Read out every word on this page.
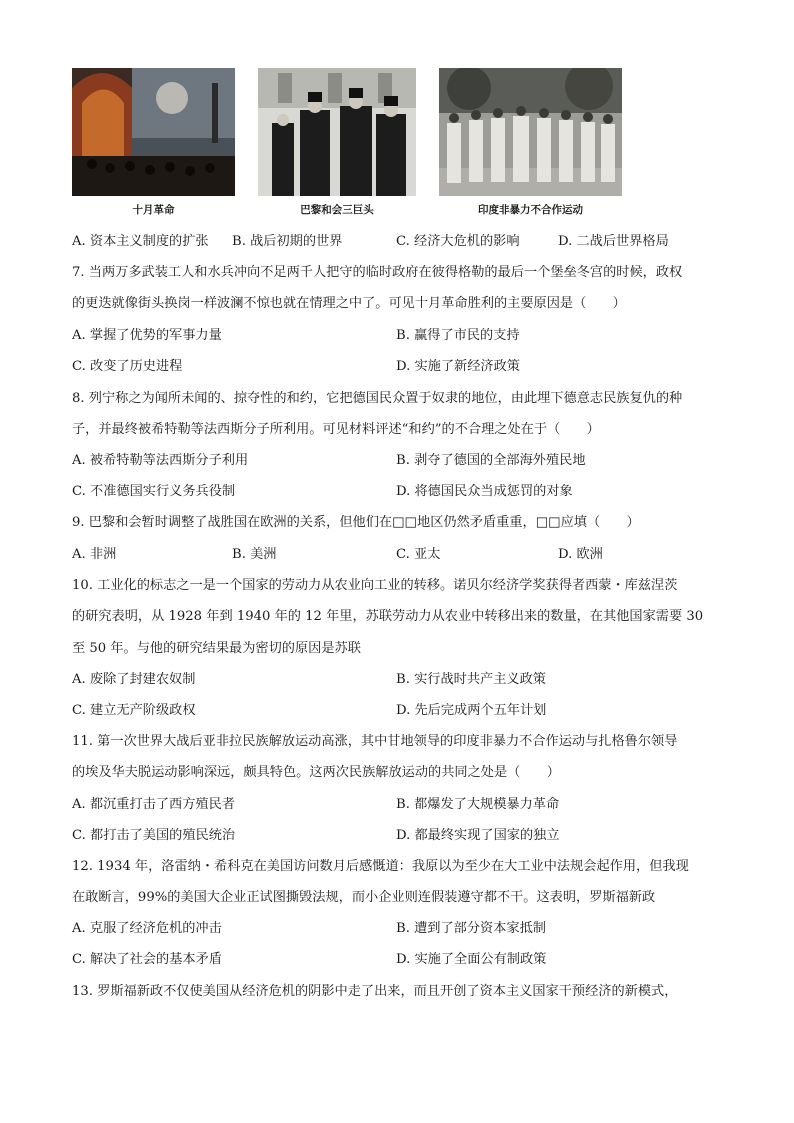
十月革命	巴黎和会三巨头	印度非暴力不合作运动
A. 资本主义制度的扩张 B. 战后初期的世界	C. 经济大危机的影响	D. 二战后世界格局
7. 当两万多武装工人和水兵冲向不足两千人把守的临时政府在彼得格勒的最后一个堡垒冬宫的时候，政权
的更迭就像街头换岗一样波澜不惊也就在情理之中了。可见十月革命胜利的主要原因是（　　）
A. 掌握了优势的军事力量	B. 赢得了市民的支持
C. 改变了历史进程	D. 实施了新经济政策
8. 列宁称之为闻所未闻的、掠夺性的和约，它把德国民众置于奴隶的地位，由此埋下德意志民族复仇的种
子，并最终被希特勒等法西斯分子所利用。可见材料评述“和约”的不合理之处在于（　　）
A. 被希特勒等法西斯分子利用	B. 剥夺了德国的全部海外殖民地
C. 不准德国实行义务兵役制	D. 将德国民众当成惩罚的对象
9. 巴黎和会暂时调整了战胜国在欧洲的关系，但他们在□□地区仍然矛盾重重，□□应填（　　）
A. 非洲	B. 美洲	C. 亚太	D. 欧洲
10. 工业化的标志之一是一个国家的劳动力从农业向工业的转移。诺贝尔经济学奖获得者西蒙・库兹涅茨
的研究表明，从 1928 年到 1940 年的 12 年里，苏联劳动力从农业中转移出来的数量，在其他国家需要 30
至 50 年。与他的研究结果最为密切的原因是苏联
A. 废除了封建农奴制	B. 实行战时共产主义政策
C. 建立无产阶级政权	D. 先后完成两个五年计划
11. 第一次世界大战后亚非拉民族解放运动高涨，其中甘地领导的印度非暴力不合作运动与扎格鲁尔领导
的埃及华夫脱运动影响深远，颇具特色。这两次民族解放运动的共同之处是（　　）
A. 都沉重打击了西方殖民者	B. 都爆发了大规模暴力革命
C. 都打击了美国的殖民统治	D. 都最终实现了国家的独立
12. 1934 年，洛雷纳・希科克在美国访问数月后感慨道：我原以为至少在大工业中法规会起作用，但我现
在敢断言，99%的美国大企业正试图撕毁法规，而小企业则连假装遵守都不干。这表明，罗斯福新政
A. 克服了经济危机的冲击	B. 遭到了部分资本家抵制
C. 解决了社会的基本矛盾	D. 实施了全面公有制政策
13. 罗斯福新政不仅使美国从经济危机的阴影中走了出来，而且开创了资本主义国家干预经济的新模式，
